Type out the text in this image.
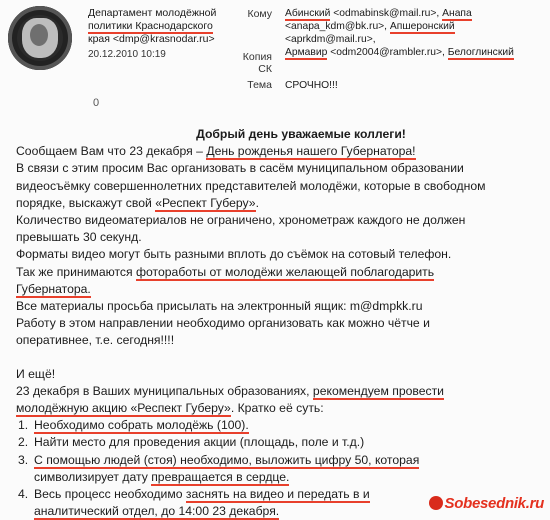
Департамент молодёжной
политики Краснодарского
края <dmp@krasnodar.ru>
20.12.2010 10:19
Кому Абинский <odmabinsk@mail.ru>, Анапа
<anapa_kdm@bk.ru>, Апшеронский <aprkdm@mail.ru>,
Армавир <odm2004@rambler.ru>, Белоглинский
Копия
СК
Тема СРОЧНО!!!
0

Добрый день уважаемые коллеги!

Сообщаем Вам что 23 декабря – День рожденья нашего Губернатора!

В связи с этим просим Вас организовать в сасём муниципальном образовании
видеосъёмку совершеннолетних представителей молодёжи, которые в свободном
порядке, выскажут свой «Респект Губеру».

Количество видеоматериалов не ограничено, хронометраж каждого не должен
превышать 30 секунд.

Форматы видео могут быть разными вплоть до съёмок на сотовый телефон.

Так же принимаются фотоработы от молодёжи желающей поблагодарить
Губернатора.

Все материалы просьба присылать на электронный ящик: m@dmpkk.ru

Работу в этом направлении необходимо организовать как можно чётче и
оперативнее, т.е. сегодня!!!!

И ещё!

23 декабря в Ваших муниципальных образованиях, рекомендуем провести
молодёжную акцию «Респект Губеру». Кратко её суть:

1. Необходимо собрать молодёжь (100).
2. Найти место для проведения акции (площадь, поле и т.д.)
3. С помощью людей (стоя) необходимо, выложить цифру 50, которая
символизирует дату превращается в сердце.
4. Весь процесс необходимо заснять на видео и передать в и
аналитический отдел, до 14:00 23 декабря.	Sobesednik.ru
